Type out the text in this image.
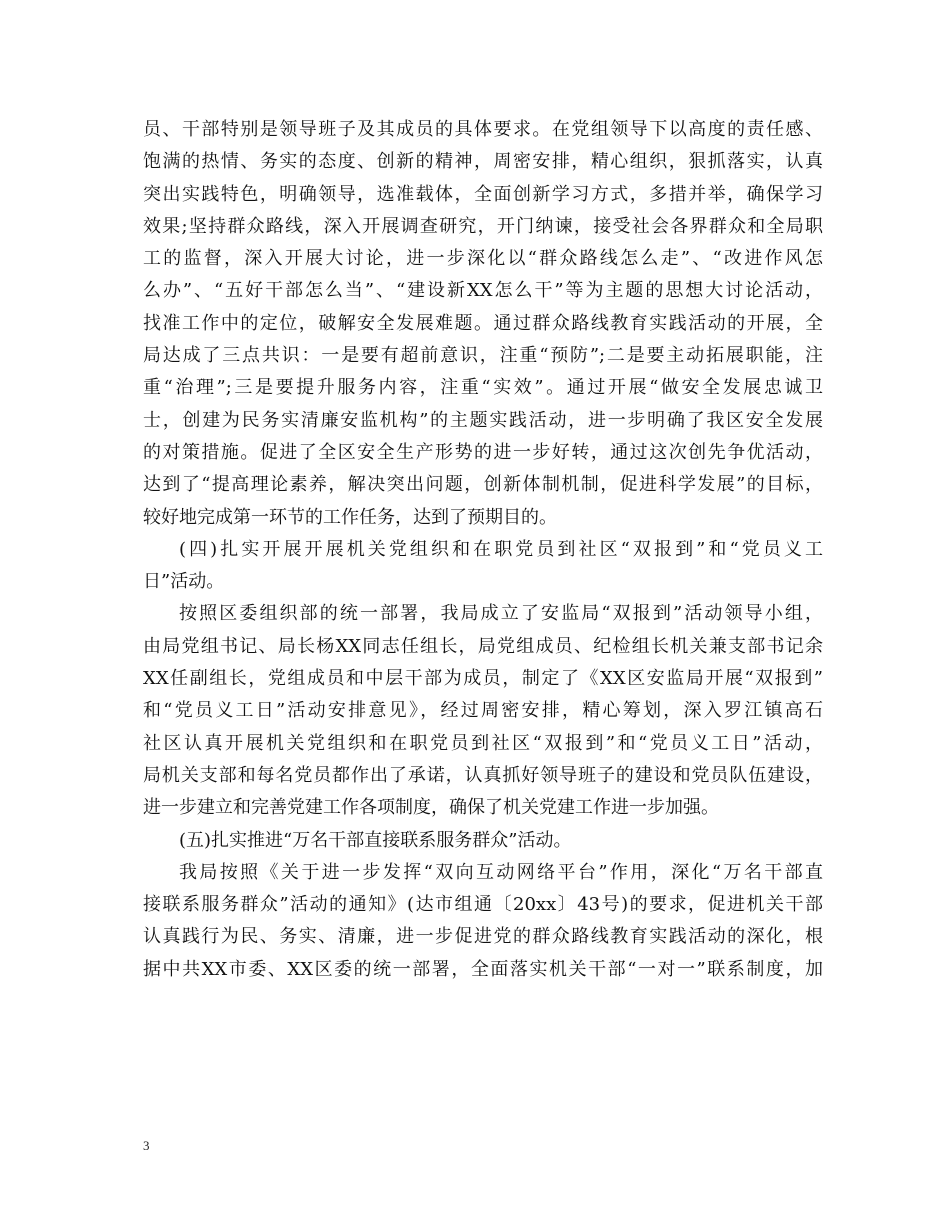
员、干部特别是领导班子及其成员的具体要求。在党组领导下以高度的责任感、
饱满的热情、务实的态度、创新的精神，周密安排，精心组织，狠抓落实，认真
突出实践特色，明确领导，选准载体，全面创新学习方式，多措并举，确保学习
效果;坚持群众路线，深入开展调查研究，开门纳谏，接受社会各界群众和全局职
工的监督，深入开展大讨论，进一步深化以“群众路线怎么走”、“改进作风怎
么办”、“五好干部怎么当”、“建设新XX怎么干”等为主题的思想大讨论活动，
找准工作中的定位，破解安全发展难题。通过群众路线教育实践活动的开展，全
局达成了三点共识：一是要有超前意识，注重“预防”;二是要主动拓展职能，注
重“治理”;三是要提升服务内容，注重“实效”。通过开展“做安全发展忠诚卫
士，创建为民务实清廉安监机构”的主题实践活动，进一步明确了我区安全发展
的对策措施。促进了全区安全生产形势的进一步好转，通过这次创先争优活动，
达到了“提高理论素养，解决突出问题，创新体制机制，促进科学发展”的目标，
较好地完成第一环节的工作任务，达到了预期目的。
(四)扎实开展开展机关党组织和在职党员到社区“双报到”和“党员义工
日”活动。
按照区委组织部的统一部署，我局成立了安监局“双报到”活动领导小组，
由局党组书记、局长杨XX同志任组长，局党组成员、纪检组长机关兼支部书记余
XX任副组长，党组成员和中层干部为成员，制定了《XX区安监局开展“双报到”
和“党员义工日”活动安排意见》，经过周密安排，精心筹划，深入罗江镇高石
社区认真开展机关党组织和在职党员到社区“双报到”和“党员义工日”活动，
局机关支部和每名党员都作出了承诺，认真抓好领导班子的建设和党员队伍建设，
进一步建立和完善党建工作各项制度，确保了机关党建工作进一步加强。
(五)扎实推进“万名干部直接联系服务群众”活动。
我局按照《关于进一步发挥“双向互动网络平台”作用，深化“万名干部直
接联系服务群众”活动的通知》(达市组通〔20xx〕43号)的要求，促进机关干部
认真践行为民、务实、清廉，进一步促进党的群众路线教育实践活动的深化，根
据中共XX市委、XX区委的统一部署，全面落实机关干部“一对一”联系制度，加
3
